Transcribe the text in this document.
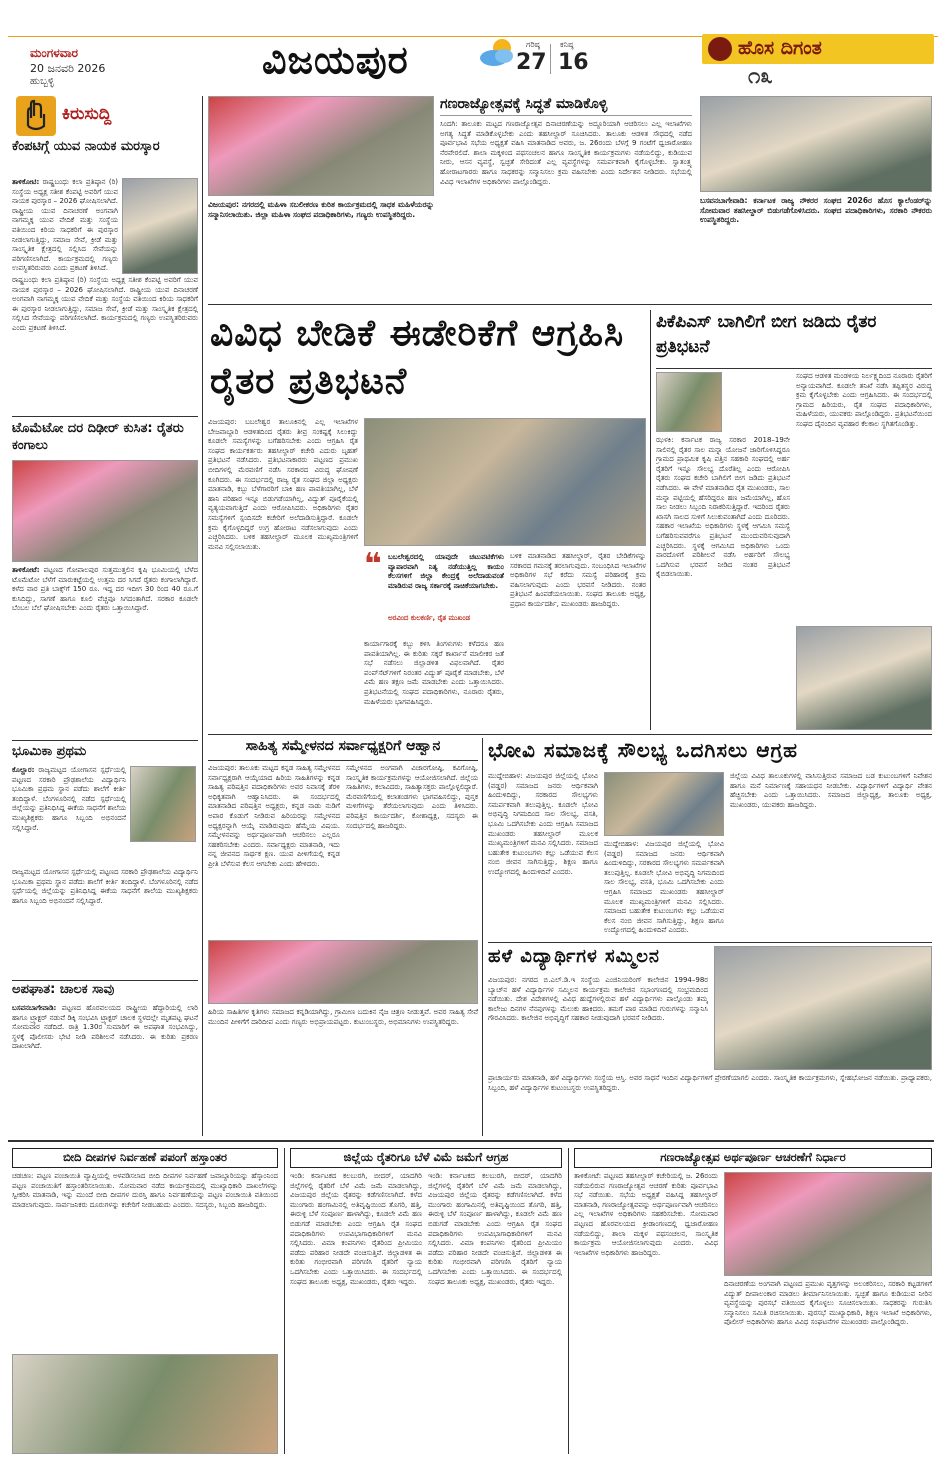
ಮಂಗಳವಾರ
20 ಜನವರಿ 2026
ಹುಬ್ಬಳ್ಳಿ	ವಿಜಯಪುರ	ಗರಿಷ್ಠ
27
ಕನಿಷ್ಠ
16
ಹೊಸ ದಿಗಂತ
೧೩
ಕಿರುಸುದ್ದಿ
ಕೆಂಪಟಿಗ್ಗೆ ಯುವ ನಾಯಕ ಮರಸ್ಕಾರ
ತಾಳಿಕೋಟಿ: ರಾಷ್ಟ್ರಬಂಧು ಕಲಾ ಪ್ರತಿಷ್ಠಾನ (ರಿ) ಸಂಸ್ಥೆಯ ಅಧ್ಯಕ್ಷ ಸತೀಶ ಕೆಂಪಟ್ಟಿ ಅವರಿಗೆ ಯುವ ನಾಯಕ ಪುರಸ್ಕಾರ – 2026 ಘೋಷಿಸಲಾಗಿದೆ. ರಾಷ್ಟ್ರೀಯ ಯುವ ದಿನಾಚರಣೆ ಅಂಗವಾಗಿ ನಾಗಮ್ಮಕ್ಕ ಯುವ ವೇದಿಕೆ ಮತ್ತು ಸಂಸ್ಥೆಯ ವತಿಯಿಂದ ಕಿರಿಯ ಸಾಧಕರಿಗೆ ಈ ಪುರಸ್ಕಾರ ನೀಡಲಾಗುತ್ತಿದ್ದು, ಸಮಾಜ ಸೇವೆ, ಕ್ರೀಡೆ ಮತ್ತು ಸಾಂಸ್ಕೃತಿಕ ಕ್ಷೇತ್ರದಲ್ಲಿ ಸಲ್ಲಿಸಿದ ಸೇವೆಯನ್ನು ಪರಿಗಣಿಸಲಾಗಿದೆ. ಕಾರ್ಯಕ್ರಮದಲ್ಲಿ ಗಣ್ಯರು ಉಪಸ್ಥಿತರಿರುವರು ಎಂದು ಪ್ರಕಟಣೆ ತಿಳಿಸಿದೆ.
ರಾಷ್ಟ್ರಬಂಧು ಕಲಾ ಪ್ರತಿಷ್ಠಾನ (ರಿ) ಸಂಸ್ಥೆಯ ಅಧ್ಯಕ್ಷ ಸತೀಶ ಕೆಂಪಟ್ಟಿ ಅವರಿಗೆ ಯುವ ನಾಯಕ ಪುರಸ್ಕಾರ – 2026 ಘೋಷಿಸಲಾಗಿದೆ. ರಾಷ್ಟ್ರೀಯ ಯುವ ದಿನಾಚರಣೆ ಅಂಗವಾಗಿ ನಾಗಮ್ಮಕ್ಕ ಯುವ ವೇದಿಕೆ ಮತ್ತು ಸಂಸ್ಥೆಯ ವತಿಯಿಂದ ಕಿರಿಯ ಸಾಧಕರಿಗೆ ಈ ಪುರಸ್ಕಾರ ನೀಡಲಾಗುತ್ತಿದ್ದು, ಸಮಾಜ ಸೇವೆ, ಕ್ರೀಡೆ ಮತ್ತು ಸಾಂಸ್ಕೃತಿಕ ಕ್ಷೇತ್ರದಲ್ಲಿ ಸಲ್ಲಿಸಿದ ಸೇವೆಯನ್ನು ಪರಿಗಣಿಸಲಾಗಿದೆ. ಕಾರ್ಯಕ್ರಮದಲ್ಲಿ ಗಣ್ಯರು ಉಪಸ್ಥಿತರಿರುವರು ಎಂದು ಪ್ರಕಟಣೆ ತಿಳಿಸಿದೆ.
ಟೊಮೆಟೋ ದರ ದಿಢೀರ್ ಕುಸಿತ: ರೈತರು ಕಂಗಾಲು
ತಾಳಿಕೋಟೆ: ಪಟ್ಟಣದ ಗೋಪಾಲಪುರ ಸುತ್ತಮುತ್ತಲಿನ ಕೃಷಿ ಭೂಮಿಯಲ್ಲಿ ಬೆಳೆದ ಟೊಮೆಟೋ ಬೆಳೆಗೆ ಮಾರುಕಟ್ಟೆಯಲ್ಲಿ ಉತ್ತಮ ದರ ಸಿಗದೆ ರೈತರು ಕಂಗಾಲಾಗಿದ್ದಾರೆ. ಕಳೆದ ವಾರ ಪ್ರತಿ ಬಾಕ್ಸ್‌ಗೆ 150 ರೂ. ಇದ್ದ ದರ ಇದೀಗ 30 ರಿಂದ 40 ರೂ.ಗೆ ಕುಸಿದಿದ್ದು, ಸಾಗಣೆ ಹಾಗೂ ಕೂಲಿ ವೆಚ್ಚವೂ ಸಿಗದಂತಾಗಿದೆ. ಸರಕಾರ ಕೂಡಲೇ ಬೆಂಬಲ ಬೆಲೆ ಘೋಷಿಸಬೇಕು ಎಂದು ರೈತರು ಒತ್ತಾಯಿಸಿದ್ದಾರೆ.
ಭೂಮಿಕಾ ಪ್ರಥಮ
ಕೊಲ್ಹಾರ: ರಾಜ್ಯಮಟ್ಟದ ಯೋಗಾಸನ ಸ್ಪರ್ಧೆಯಲ್ಲಿ ಪಟ್ಟಣದ ಸರಕಾರಿ ಪ್ರೌಢಶಾಲೆಯ ವಿದ್ಯಾರ್ಥಿನಿ ಭೂಮಿಕಾ ಪ್ರಥಮ ಸ್ಥಾನ ಪಡೆದು ಶಾಲೆಗೆ ಕೀರ್ತಿ ತಂದಿದ್ದಾಳೆ. ಬೆಂಗಳೂರಿನಲ್ಲಿ ನಡೆದ ಸ್ಪರ್ಧೆಯಲ್ಲಿ ಜಿಲ್ಲೆಯನ್ನು ಪ್ರತಿನಿಧಿಸಿದ್ದ ಈಕೆಯ ಸಾಧನೆಗೆ ಶಾಲೆಯ ಮುಖ್ಯಶಿಕ್ಷಕರು ಹಾಗೂ ಸಿಬ್ಬಂದಿ ಅಭಿನಂದನೆ ಸಲ್ಲಿಸಿದ್ದಾರೆ.
ರಾಜ್ಯಮಟ್ಟದ ಯೋಗಾಸನ ಸ್ಪರ್ಧೆಯಲ್ಲಿ ಪಟ್ಟಣದ ಸರಕಾರಿ ಪ್ರೌಢಶಾಲೆಯ ವಿದ್ಯಾರ್ಥಿನಿ ಭೂಮಿಕಾ ಪ್ರಥಮ ಸ್ಥಾನ ಪಡೆದು ಶಾಲೆಗೆ ಕೀರ್ತಿ ತಂದಿದ್ದಾಳೆ. ಬೆಂಗಳೂರಿನಲ್ಲಿ ನಡೆದ ಸ್ಪರ್ಧೆಯಲ್ಲಿ ಜಿಲ್ಲೆಯನ್ನು ಪ್ರತಿನಿಧಿಸಿದ್ದ ಈಕೆಯ ಸಾಧನೆಗೆ ಶಾಲೆಯ ಮುಖ್ಯಶಿಕ್ಷಕರು ಹಾಗೂ ಸಿಬ್ಬಂದಿ ಅಭಿನಂದನೆ ಸಲ್ಲಿಸಿದ್ದಾರೆ.
ಅಪಘಾತ: ಚಾಲಕ ಸಾವು
ಬಸವನಬಾಗೇವಾಡಿ: ಪಟ್ಟಣದ ಹೊರವಲಯದ ರಾಷ್ಟ್ರೀಯ ಹೆದ್ದಾರಿಯಲ್ಲಿ ಲಾರಿ ಹಾಗೂ ಟ್ರ್ಯಾಕ್ಟರ್ ನಡುವೆ ಡಿಕ್ಕಿ ಸಂಭವಿಸಿ ಟ್ರ್ಯಾಕ್ಟರ್ ಚಾಲಕ ಸ್ಥಳದಲ್ಲೇ ಮೃತಪಟ್ಟ ಘಟನೆ ಸೋಮವಾರ ನಡೆದಿದೆ. ರಾತ್ರಿ 1.30ರ ಸುಮಾರಿಗೆ ಈ ಅಪಘಾತ ಸಂಭವಿಸಿದ್ದು, ಸ್ಥಳಕ್ಕೆ ಪೊಲೀಸರು ಭೇಟಿ ನೀಡಿ ಪರಿಶೀಲನೆ ನಡೆಸಿದರು. ಈ ಕುರಿತು ಪ್ರಕರಣ ದಾಖಲಾಗಿದೆ.
ವಿಜಯಪುರ: ನಗರದಲ್ಲಿ ಮಹಿಳಾ ಸಬಲೀಕರಣ ಕುರಿತ ಕಾರ್ಯಕ್ರಮದಲ್ಲಿ ಸಾಧಕ ಮಹಿಳೆಯರನ್ನು ಸನ್ಮಾನಿಸಲಾಯಿತು. ಜಿಲ್ಲಾ ಮಹಿಳಾ ಸಂಘದ ಪದಾಧಿಕಾರಿಗಳು, ಗಣ್ಯರು ಉಪಸ್ಥಿತರಿದ್ದರು.
ಗಣರಾಜ್ಯೋತ್ಸವಕ್ಕೆ ಸಿದ್ಧತೆ ಮಾಡಿಕೊಳ್ಳಿ
ಸಿಂದಗಿ: ತಾಲೂಕು ಮಟ್ಟದ ಗಣರಾಜ್ಯೋತ್ಸವ ದಿನಾಚರಣೆಯನ್ನು ಅದ್ದೂರಿಯಾಗಿ ಆಚರಿಸಲು ಎಲ್ಲ ಇಲಾಖೆಗಳು ಅಗತ್ಯ ಸಿದ್ಧತೆ ಮಾಡಿಕೊಳ್ಳಬೇಕು ಎಂದು ತಹಸೀಲ್ದಾರ್ ಸೂಚಿಸಿದರು. ತಾಲೂಕು ಆಡಳಿತ ಸೌಧದಲ್ಲಿ ನಡೆದ ಪೂರ್ವಭಾವಿ ಸಭೆಯ ಅಧ್ಯಕ್ಷತೆ ವಹಿಸಿ ಮಾತನಾಡಿದ ಅವರು, ಜ. 26ರಂದು ಬೆಳಗ್ಗೆ 9 ಗಂಟೆಗೆ ಧ್ವಜಾರೋಹಣ ನೆರವೇರಲಿದೆ. ಶಾಲಾ ಮಕ್ಕಳಿಂದ ಪಥಸಂಚಲನ ಹಾಗೂ ಸಾಂಸ್ಕೃತಿಕ ಕಾರ್ಯಕ್ರಮಗಳು ನಡೆಯಲಿದ್ದು, ಕುಡಿಯುವ ನೀರು, ಆಸನ ವ್ಯವಸ್ಥೆ, ಸ್ವಚ್ಛತೆ ಸೇರಿದಂತೆ ಎಲ್ಲ ವ್ಯವಸ್ಥೆಗಳನ್ನು ಸಮರ್ಪಕವಾಗಿ ಕೈಗೊಳ್ಳಬೇಕು. ಸ್ವಾತಂತ್ರ್ಯ ಹೋರಾಟಗಾರರು ಹಾಗೂ ಸಾಧಕರನ್ನು ಸನ್ಮಾನಿಸಲು ಕ್ರಮ ವಹಿಸಬೇಕು ಎಂದು ನಿರ್ದೇಶನ ನೀಡಿದರು. ಸಭೆಯಲ್ಲಿ ವಿವಿಧ ಇಲಾಖೆಗಳ ಅಧಿಕಾರಿಗಳು ಪಾಲ್ಗೊಂಡಿದ್ದರು.
ಬಸವನಬಾಗೇವಾಡಿ: ಕರ್ನಾಟಕ ರಾಜ್ಯ ನೌಕರರ ಸಂಘದ 2026ರ ಹೊಸ ಕ್ಯಾಲೆಂಡರ್‌ನ್ನು ಸೋಮವಾರ ತಹಸೀಲ್ದಾರ್ ಬಿಡುಗಡೆಗೊಳಿಸಿದರು. ಸಂಘದ ಪದಾಧಿಕಾರಿಗಳು, ಸರಕಾರಿ ನೌಕರರು ಉಪಸ್ಥಿತರಿದ್ದರು.
ವಿವಿಧ ಬೇಡಿಕೆ ಈಡೇರಿಕೆಗೆ ಆಗ್ರಹಿಸಿ ರೈತರ ಪ್ರತಿಭಟನೆ
ವಿಜಯಪುರ: ಬಬಲೇಶ್ವರ ತಾಲೂಕಿನಲ್ಲಿ ಎಲ್ಲ ಇಲಾಖೆಗಳ ಬೇಜವಾಬ್ದಾರಿ ಆಡಳಿತದಿಂದ ರೈತರು ತೀವ್ರ ಸಂಕಷ್ಟಕ್ಕೆ ಸಿಲುಕಿದ್ದು ಕೂಡಲೇ ಸಮಸ್ಯೆಗಳನ್ನು ಬಗೆಹರಿಸಬೇಕು ಎಂದು ಆಗ್ರಹಿಸಿ ರೈತ ಸಂಘದ ಕಾರ್ಯಕರ್ತರು ತಹಸೀಲ್ದಾರ್ ಕಚೇರಿ ಎದುರು ಬೃಹತ್ ಪ್ರತಿಭಟನೆ ನಡೆಸಿದರು. ಪ್ರತಿಭಟನಾಕಾರರು ಪಟ್ಟಣದ ಪ್ರಮುಖ ಬೀದಿಗಳಲ್ಲಿ ಮೆರವಣಿಗೆ ನಡೆಸಿ ಸರಕಾರದ ವಿರುದ್ಧ ಘೋಷಣೆ ಕೂಗಿದರು. ಈ ಸಂದರ್ಭದಲ್ಲಿ ರಾಜ್ಯ ರೈತ ಸಂಘದ ಜಿಲ್ಲಾ ಅಧ್ಯಕ್ಷರು ಮಾತನಾಡಿ, ಕಬ್ಬು ಬೆಳೆಗಾರರಿಗೆ ಬಾಕಿ ಹಣ ಪಾವತಿಯಾಗಿಲ್ಲ, ಬೆಳೆ ಹಾನಿ ಪರಿಹಾರ ಇನ್ನೂ ಬಿಡುಗಡೆಯಾಗಿಲ್ಲ, ವಿದ್ಯುತ್ ಪೂರೈಕೆಯಲ್ಲಿ ವ್ಯತ್ಯಯವಾಗುತ್ತಿದೆ ಎಂದು ಆರೋಪಿಸಿದರು. ಅಧಿಕಾರಿಗಳು ರೈತರ ಸಮಸ್ಯೆಗಳಿಗೆ ಸ್ಪಂದಿಸದೇ ಕಚೇರಿಗೆ ಅಲೆದಾಡಿಸುತ್ತಿದ್ದಾರೆ. ಕೂಡಲೇ ಕ್ರಮ ಕೈಗೊಳ್ಳದಿದ್ದರೆ ಉಗ್ರ ಹೋರಾಟ ನಡೆಸಲಾಗುವುದು ಎಂದು ಎಚ್ಚರಿಸಿದರು. ಬಳಿಕ ತಹಸೀಲ್ದಾರ್ ಮೂಲಕ ಮುಖ್ಯಮಂತ್ರಿಗಳಿಗೆ ಮನವಿ ಸಲ್ಲಿಸಲಾಯಿತು.
❝ ಬಬಲೇಶ್ವರದಲ್ಲಿ ಯಾವುದೇ ಚಟುವಟಿಕೆಗಳು ವ್ಯಾಪಾರವಾಗಿ ನಿತ್ಯ ನಡೆಯುತ್ತಿಲ್ಲ ಕಾಯಂ ಕೆಲಸಗಳಿಗೆ ಜಿಲ್ಲಾ ಕೇಂದ್ರಕ್ಕೆ ಅಲೆದಾಡುವಂತೆ ಮಾಡಿರುವ ರಾಜ್ಯ ಸರ್ಕಾರಕ್ಕೆ ನಾಚಿಕೆಯಾಗಬೇಕು.
ಅರವಿಂದ ಕುಲಕರ್ಣಿ, ರೈತ ಮುಖಂಡ
ಕಾರ್ಯಾಗಾರಕ್ಕೆ ಕಬ್ಬು ಕಳಿಸಿ ತಿಂಗಳುಗಳು ಕಳೆದರೂ ಹಣ ಪಾವತಿಯಾಗಿಲ್ಲ. ಈ ಕುರಿತು ಸಕ್ಕರೆ ಕಾರ್ಖಾನೆ ಮಾಲೀಕರ ಜತೆ ಸಭೆ ನಡೆಸಲು ಜಿಲ್ಲಾಡಳಿತ ವಿಫಲವಾಗಿದೆ. ರೈತರ ಪಂಪ್‌ಸೆಟ್‌ಗಳಿಗೆ ನಿರಂತರ ವಿದ್ಯುತ್ ಪೂರೈಕೆ ಮಾಡಬೇಕು, ಬೆಳೆ ವಿಮೆ ಹಣ ತಕ್ಷಣ ಜಮೆ ಮಾಡಬೇಕು ಎಂದು ಒತ್ತಾಯಿಸಿದರು. ಪ್ರತಿಭಟನೆಯಲ್ಲಿ ಸಂಘದ ಪದಾಧಿಕಾರಿಗಳು, ನೂರಾರು ರೈತರು, ಮಹಿಳೆಯರು ಭಾಗವಹಿಸಿದ್ದರು.
ಬಳಿಕ ಮಾತನಾಡಿದ ತಹಸೀಲ್ದಾರ್, ರೈತರ ಬೇಡಿಕೆಗಳನ್ನು ಸರಕಾರದ ಗಮನಕ್ಕೆ ತರಲಾಗುವುದು. ಸಂಬಂಧಿಸಿದ ಇಲಾಖೆಗಳ ಅಧಿಕಾರಿಗಳ ಸಭೆ ಕರೆದು ಸಮಸ್ಯೆ ಪರಿಹಾರಕ್ಕೆ ಕ್ರಮ ವಹಿಸಲಾಗುವುದು ಎಂದು ಭರವಸೆ ನೀಡಿದರು. ನಂತರ ಪ್ರತಿಭಟನೆ ಹಿಂಪಡೆಯಲಾಯಿತು. ಸಂಘದ ತಾಲೂಕು ಅಧ್ಯಕ್ಷ, ಪ್ರಧಾನ ಕಾರ್ಯದರ್ಶಿ, ಮುಖಂಡರು ಹಾಜರಿದ್ದರು.
ಪಿಕೆಪಿಎಸ್ ಬಾಗಿಲಿಗೆ ಬೀಗ ಜಡಿದು ರೈತರ ಪ್ರತಿಭಟನೆ
ಝಳಕಿ: ಕರ್ನಾಟಕ ರಾಜ್ಯ ಸರಕಾರ 2018–19ನೇ ಸಾಲಿನಲ್ಲಿ ರೈತರ ಸಾಲ ಮನ್ನಾ ಯೋಜನೆ ಜಾರಿಗೊಳಿಸಿದ್ದರೂ ಗ್ರಾಮದ ಪ್ರಾಥಮಿಕ ಕೃಷಿ ಪತ್ತಿನ ಸಹಕಾರಿ ಸಂಘದಲ್ಲಿ ಅರ್ಹ ರೈತರಿಗೆ ಇನ್ನೂ ಸೌಲಭ್ಯ ದೊರೆತಿಲ್ಲ ಎಂದು ಆರೋಪಿಸಿ ರೈತರು ಸಂಘದ ಕಚೇರಿ ಬಾಗಿಲಿಗೆ ಬೀಗ ಜಡಿದು ಪ್ರತಿಭಟನೆ ನಡೆಸಿದರು. ಈ ವೇಳೆ ಮಾತನಾಡಿದ ರೈತ ಮುಖಂಡರು, ಸಾಲ ಮನ್ನಾ ಪಟ್ಟಿಯಲ್ಲಿ ಹೆಸರಿದ್ದರೂ ಹಣ ಜಮೆಯಾಗಿಲ್ಲ, ಹೊಸ ಸಾಲ ನೀಡಲು ಸಿಬ್ಬಂದಿ ನಿರಾಕರಿಸುತ್ತಿದ್ದಾರೆ. ಇದರಿಂದ ರೈತರು ಖಾಸಗಿ ಸಾಲದ ಸುಳಿಗೆ ಸಿಲುಕುವಂತಾಗಿದೆ ಎಂದು ದೂರಿದರು. ಸಹಕಾರ ಇಲಾಖೆಯ ಅಧಿಕಾರಿಗಳು ಸ್ಥಳಕ್ಕೆ ಆಗಮಿಸಿ ಸಮಸ್ಯೆ ಬಗೆಹರಿಸುವವರೆಗೂ ಪ್ರತಿಭಟನೆ ಮುಂದುವರಿಸುವುದಾಗಿ ಎಚ್ಚರಿಸಿದರು. ಸ್ಥಳಕ್ಕೆ ಆಗಮಿಸಿದ ಅಧಿಕಾರಿಗಳು ಒಂದು ವಾರದೊಳಗೆ ಪರಿಶೀಲನೆ ನಡೆಸಿ ಅರ್ಹರಿಗೆ ಸೌಲಭ್ಯ ಒದಗಿಸುವ ಭರವಸೆ ನೀಡಿದ ನಂತರ ಪ್ರತಿಭಟನೆ ಕೈಬಿಡಲಾಯಿತು.
ಸಂಘದ ಆಡಳಿತ ಮಂಡಳಿಯ ನಿರ್ಲಕ್ಷ್ಯದಿಂದ ನೂರಾರು ರೈತರಿಗೆ ಅನ್ಯಾಯವಾಗಿದೆ. ಕೂಡಲೇ ತನಿಖೆ ನಡೆಸಿ ತಪ್ಪಿತಸ್ಥರ ವಿರುದ್ಧ ಕ್ರಮ ಕೈಗೊಳ್ಳಬೇಕು ಎಂದು ಆಗ್ರಹಿಸಿದರು. ಈ ಸಂದರ್ಭದಲ್ಲಿ ಗ್ರಾಮದ ಹಿರಿಯರು, ರೈತ ಸಂಘದ ಪದಾಧಿಕಾರಿಗಳು, ಮಹಿಳೆಯರು, ಯುವಕರು ಪಾಲ್ಗೊಂಡಿದ್ದರು. ಪ್ರತಿಭಟನೆಯಿಂದ ಸಂಘದ ದೈನಂದಿನ ವ್ಯವಹಾರ ಕೆಲಕಾಲ ಸ್ಥಗಿತಗೊಂಡಿತ್ತು.
ಸಾಹಿತ್ಯ ಸಮ್ಮೇಳನದ ಸರ್ವಾಧ್ಯಕ್ಷರಿಗೆ ಆಹ್ವಾನ
ವಿಜಯಪುರ: ತಾಲೂಕು ಮಟ್ಟದ ಕನ್ನಡ ಸಾಹಿತ್ಯ ಸಮ್ಮೇಳನದ ಸರ್ವಾಧ್ಯಕ್ಷರಾಗಿ ಆಯ್ಕೆಯಾದ ಹಿರಿಯ ಸಾಹಿತಿಗಳನ್ನು ಕನ್ನಡ ಸಾಹಿತ್ಯ ಪರಿಷತ್ತಿನ ಪದಾಧಿಕಾರಿಗಳು ಅವರ ನಿವಾಸಕ್ಕೆ ತೆರಳಿ ಅಧಿಕೃತವಾಗಿ ಆಹ್ವಾನಿಸಿದರು. ಈ ಸಂದರ್ಭದಲ್ಲಿ ಮಾತನಾಡಿದ ಪರಿಷತ್ತಿನ ಅಧ್ಯಕ್ಷರು, ಕನ್ನಡ ನಾಡು ನುಡಿಗೆ ಅಪಾರ ಕೊಡುಗೆ ನೀಡಿರುವ ಹಿರಿಯರನ್ನು ಸಮ್ಮೇಳನದ ಅಧ್ಯಕ್ಷರನ್ನಾಗಿ ಆಯ್ಕೆ ಮಾಡಿರುವುದು ಹೆಮ್ಮೆಯ ವಿಷಯ. ಸಮ್ಮೇಳನವನ್ನು ಅರ್ಥಪೂರ್ಣವಾಗಿ ಆಚರಿಸಲು ಎಲ್ಲರೂ ಸಹಕರಿಸಬೇಕು ಎಂದರು. ಸರ್ವಾಧ್ಯಕ್ಷರು ಮಾತನಾಡಿ, ಇದು ನನ್ನ ಜೀವನದ ಸಾರ್ಥಕ ಕ್ಷಣ. ಯುವ ಪೀಳಿಗೆಯಲ್ಲಿ ಕನ್ನಡ ಪ್ರೀತಿ ಬೆಳೆಸುವ ಕೆಲಸ ಆಗಬೇಕು ಎಂದು ಹೇಳಿದರು.
ಸಮ್ಮೇಳನದ ಅಂಗವಾಗಿ ವಿಚಾರಗೋಷ್ಠಿ, ಕವಿಗೋಷ್ಠಿ, ಸಾಂಸ್ಕೃತಿಕ ಕಾರ್ಯಕ್ರಮಗಳನ್ನು ಆಯೋಜಿಸಲಾಗಿದೆ. ಜಿಲ್ಲೆಯ ಸಾಹಿತಿಗಳು, ಕಲಾವಿದರು, ಸಾಹಿತ್ಯಾಸಕ್ತರು ಪಾಲ್ಗೊಳ್ಳಲಿದ್ದಾರೆ. ಮೆರವಣಿಗೆಯಲ್ಲಿ ಕಲಾತಂಡಗಳು ಭಾಗವಹಿಸಲಿದ್ದು, ಪುಸ್ತಕ ಮಳಿಗೆಗಳನ್ನು ತೆರೆಯಲಾಗುವುದು ಎಂದು ತಿಳಿಸಿದರು. ಪರಿಷತ್ತಿನ ಕಾರ್ಯದರ್ಶಿ, ಕೋಶಾಧ್ಯಕ್ಷ, ಸದಸ್ಯರು ಈ ಸಂದರ್ಭದಲ್ಲಿ ಹಾಜರಿದ್ದರು.
ಹಿರಿಯ ಸಾಹಿತಿಗಳ ಕೃತಿಗಳು ಸಮಾಜದ ಕನ್ನಡಿಯಾಗಿದ್ದು, ಗ್ರಾಮೀಣ ಬದುಕಿನ ನೈಜ ಚಿತ್ರಣ ನೀಡುತ್ತವೆ. ಅವರ ಸಾಹಿತ್ಯ ಸೇವೆ ಮುಂದಿನ ಪೀಳಿಗೆಗೆ ದಾರಿದೀಪ ಎಂದು ಗಣ್ಯರು ಅಭಿಪ್ರಾಯಪಟ್ಟರು. ಕುಟುಂಬಸ್ಥರು, ಅಭಿಮಾನಿಗಳು ಉಪಸ್ಥಿತರಿದ್ದರು.
ಭೋವಿ ಸಮಾಜಕ್ಕೆ ಸೌಲಭ್ಯ ಒದಗಿಸಲು ಆಗ್ರಹ
ಮುದ್ದೇಬಿಹಾಳ: ವಿಜಯಪುರ ಜಿಲ್ಲೆಯಲ್ಲಿ ಭೋವಿ (ವಡ್ಡರ) ಸಮಾಜದ ಜನರು ಆರ್ಥಿಕವಾಗಿ ಹಿಂದುಳಿದಿದ್ದು, ಸರಕಾರದ ಸೌಲಭ್ಯಗಳು ಸಮರ್ಪಕವಾಗಿ ತಲುಪುತ್ತಿಲ್ಲ. ಕೂಡಲೇ ಭೋವಿ ಅಭಿವೃದ್ಧಿ ನಿಗಮದಿಂದ ಸಾಲ ಸೌಲಭ್ಯ, ವಸತಿ, ಭೂಮಿ ಒದಗಿಸಬೇಕು ಎಂದು ಆಗ್ರಹಿಸಿ ಸಮಾಜದ ಮುಖಂಡರು ತಹಸೀಲ್ದಾರ್ ಮೂಲಕ ಮುಖ್ಯಮಂತ್ರಿಗಳಿಗೆ ಮನವಿ ಸಲ್ಲಿಸಿದರು. ಸಮಾಜದ ಬಹುತೇಕ ಕುಟುಂಬಗಳು ಕಲ್ಲು ಒಡೆಯುವ ಕೆಲಸ ನಂಬಿ ಜೀವನ ಸಾಗಿಸುತ್ತಿದ್ದು, ಶಿಕ್ಷಣ ಹಾಗೂ ಉದ್ಯೋಗದಲ್ಲಿ ಹಿಂದುಳಿದಿವೆ ಎಂದರು.
ಮುದ್ದೇಬಿಹಾಳ: ವಿಜಯಪುರ ಜಿಲ್ಲೆಯಲ್ಲಿ ಭೋವಿ (ವಡ್ಡರ) ಸಮಾಜದ ಜನರು ಆರ್ಥಿಕವಾಗಿ ಹಿಂದುಳಿದಿದ್ದು, ಸರಕಾರದ ಸೌಲಭ್ಯಗಳು ಸಮರ್ಪಕವಾಗಿ ತಲುಪುತ್ತಿಲ್ಲ. ಕೂಡಲೇ ಭೋವಿ ಅಭಿವೃದ್ಧಿ ನಿಗಮದಿಂದ ಸಾಲ ಸೌಲಭ್ಯ, ವಸತಿ, ಭೂಮಿ ಒದಗಿಸಬೇಕು ಎಂದು ಆಗ್ರಹಿಸಿ ಸಮಾಜದ ಮುಖಂಡರು ತಹಸೀಲ್ದಾರ್ ಮೂಲಕ ಮುಖ್ಯಮಂತ್ರಿಗಳಿಗೆ ಮನವಿ ಸಲ್ಲಿಸಿದರು. ಸಮಾಜದ ಬಹುತೇಕ ಕುಟುಂಬಗಳು ಕಲ್ಲು ಒಡೆಯುವ ಕೆಲಸ ನಂಬಿ ಜೀವನ ಸಾಗಿಸುತ್ತಿದ್ದು, ಶಿಕ್ಷಣ ಹಾಗೂ ಉದ್ಯೋಗದಲ್ಲಿ ಹಿಂದುಳಿದಿವೆ ಎಂದರು.
ಜಿಲ್ಲೆಯ ವಿವಿಧ ತಾಲೂಕುಗಳಲ್ಲಿ ವಾಸಿಸುತ್ತಿರುವ ಸಮಾಜದ ಬಡ ಕುಟುಂಬಗಳಿಗೆ ನಿವೇಶನ ಹಾಗೂ ಮನೆ ನಿರ್ಮಾಣಕ್ಕೆ ಸಹಾಯಧನ ನೀಡಬೇಕು. ವಿದ್ಯಾರ್ಥಿಗಳಿಗೆ ವಿದ್ಯಾರ್ಥಿ ವೇತನ ಹೆಚ್ಚಿಸಬೇಕು ಎಂದು ಒತ್ತಾಯಿಸಿದರು. ಸಮಾಜದ ಜಿಲ್ಲಾಧ್ಯಕ್ಷ, ತಾಲೂಕು ಅಧ್ಯಕ್ಷ, ಮುಖಂಡರು, ಯುವಕರು ಹಾಜರಿದ್ದರು.
ಹಳೆ ವಿದ್ಯಾರ್ಥಿಗಳ ಸಮ್ಮಿಲನ
ವಿಜಯಪುರ: ನಗರದ ಬಿ.ಎಲ್.ಡಿ.ಇ ಸಂಸ್ಥೆಯ ಎಂಜಿನಿಯರಿಂಗ್ ಕಾಲೇಜಿನ 1994–98ರ ಬ್ಯಾಚ್‌ನ ಹಳೆ ವಿದ್ಯಾರ್ಥಿಗಳ ಸಮ್ಮಿಲನ ಕಾರ್ಯಕ್ರಮ ಕಾಲೇಜಿನ ಸಭಾಂಗಣದಲ್ಲಿ ಸಂಭ್ರಮದಿಂದ ನಡೆಯಿತು. ದೇಶ ವಿದೇಶಗಳಲ್ಲಿ ವಿವಿಧ ಹುದ್ದೆಗಳಲ್ಲಿರುವ ಹಳೆ ವಿದ್ಯಾರ್ಥಿಗಳು ಪಾಲ್ಗೊಂಡು ತಮ್ಮ ಕಾಲೇಜು ದಿನಗಳ ನೆನಪುಗಳನ್ನು ಮೆಲುಕು ಹಾಕಿದರು. ತಮಗೆ ಪಾಠ ಮಾಡಿದ ಗುರುಗಳನ್ನು ಸನ್ಮಾನಿಸಿ ಗೌರವಿಸಿದರು. ಕಾಲೇಜಿನ ಅಭಿವೃದ್ಧಿಗೆ ಸಹಕಾರ ನೀಡುವುದಾಗಿ ಭರವಸೆ ನೀಡಿದರು.
ಪ್ರಾಚಾರ್ಯರು ಮಾತನಾಡಿ, ಹಳೆ ವಿದ್ಯಾರ್ಥಿಗಳು ಸಂಸ್ಥೆಯ ಆಸ್ತಿ. ಅವರ ಸಾಧನೆ ಇಂದಿನ ವಿದ್ಯಾರ್ಥಿಗಳಿಗೆ ಪ್ರೇರಣೆಯಾಗಲಿ ಎಂದರು. ಸಾಂಸ್ಕೃತಿಕ ಕಾರ್ಯಕ್ರಮಗಳು, ಸ್ನೇಹಭೋಜನ ನಡೆಯಿತು. ಪ್ರಾಧ್ಯಾಪಕರು, ಸಿಬ್ಬಂದಿ, ಹಳೆ ವಿದ್ಯಾರ್ಥಿಗಳ ಕುಟುಂಬಸ್ಥರು ಉಪಸ್ಥಿತರಿದ್ದರು.
ಬೀದಿ ದೀಪಗಳ ನಿರ್ವಹಣೆ ಪಪಂಗೆ ಹಸ್ತಾಂತರ
ಚಡಚಣ: ಪಟ್ಟಣ ಪಂಚಾಯಿತಿ ವ್ಯಾಪ್ತಿಯಲ್ಲಿ ಅಳವಡಿಸಲಾದ ಬೀದಿ ದೀಪಗಳ ನಿರ್ವಹಣೆ ಜವಾಬ್ದಾರಿಯನ್ನು ಹೆಸ್ಕಾಂನಿಂದ ಪಟ್ಟಣ ಪಂಚಾಯಿತಿಗೆ ಹಸ್ತಾಂತರಿಸಲಾಯಿತು. ಸೋಮವಾರ ನಡೆದ ಕಾರ್ಯಕ್ರಮದಲ್ಲಿ ಮುಖ್ಯಾಧಿಕಾರಿ ದಾಖಲೆಗಳನ್ನು ಸ್ವೀಕರಿಸಿ ಮಾತನಾಡಿ, ಇನ್ನು ಮುಂದೆ ಬೀದಿ ದೀಪಗಳ ದುರಸ್ತಿ ಹಾಗೂ ನಿರ್ವಹಣೆಯನ್ನು ಪಟ್ಟಣ ಪಂಚಾಯಿತಿ ವತಿಯಿಂದ ಮಾಡಲಾಗುವುದು. ಸಾರ್ವಜನಿಕರು ದೂರುಗಳನ್ನು ಕಚೇರಿಗೆ ನೀಡಬಹುದು ಎಂದರು. ಸದಸ್ಯರು, ಸಿಬ್ಬಂದಿ ಹಾಜರಿದ್ದರು.
ಜಿಲ್ಲೆಯ ರೈತರಿಗೂ ಬೆಳೆ ವಿಮೆ ಜಮೆಗೆ ಆಗ್ರಹ
ಇಂಡಿ: ಕರ್ನಾಟಕದ ಕಲಬುರಗಿ, ಬೀದರ್, ಯಾದಗಿರಿ ಜಿಲ್ಲೆಗಳಲ್ಲಿ ರೈತರಿಗೆ ಬೆಳೆ ವಿಮೆ ಜಮೆ ಮಾಡಲಾಗಿದ್ದು, ವಿಜಯಪುರ ಜಿಲ್ಲೆಯ ರೈತರನ್ನು ಕಡೆಗಣಿಸಲಾಗಿದೆ. ಕಳೆದ ಮುಂಗಾರು ಹಂಗಾಮಿನಲ್ಲಿ ಅತಿವೃಷ್ಟಿಯಿಂದ ತೊಗರಿ, ಹತ್ತಿ, ಈರುಳ್ಳಿ ಬೆಳೆ ಸಂಪೂರ್ಣ ಹಾಳಾಗಿದ್ದು, ಕೂಡಲೇ ವಿಮೆ ಹಣ ಬಿಡುಗಡೆ ಮಾಡಬೇಕು ಎಂದು ಆಗ್ರಹಿಸಿ ರೈತ ಸಂಘದ ಪದಾಧಿಕಾರಿಗಳು ಉಪವಿಭಾಗಾಧಿಕಾರಿಗಳಿಗೆ ಮನವಿ ಸಲ್ಲಿಸಿದರು. ವಿಮಾ ಕಂಪನಿಗಳು ರೈತರಿಂದ ಪ್ರೀಮಿಯಂ ಪಡೆದು ಪರಿಹಾರ ನೀಡದೇ ವಂಚಿಸುತ್ತಿವೆ. ಜಿಲ್ಲಾಡಳಿತ ಈ ಕುರಿತು ಗಂಭೀರವಾಗಿ ಪರಿಗಣಿಸಿ ರೈತರಿಗೆ ನ್ಯಾಯ ಒದಗಿಸಬೇಕು ಎಂದು ಒತ್ತಾಯಿಸಿದರು. ಈ ಸಂದರ್ಭದಲ್ಲಿ ಸಂಘದ ತಾಲೂಕು ಅಧ್ಯಕ್ಷ, ಮುಖಂಡರು, ರೈತರು ಇದ್ದರು.
ಇಂಡಿ: ಕರ್ನಾಟಕದ ಕಲಬುರಗಿ, ಬೀದರ್, ಯಾದಗಿರಿ ಜಿಲ್ಲೆಗಳಲ್ಲಿ ರೈತರಿಗೆ ಬೆಳೆ ವಿಮೆ ಜಮೆ ಮಾಡಲಾಗಿದ್ದು, ವಿಜಯಪುರ ಜಿಲ್ಲೆಯ ರೈತರನ್ನು ಕಡೆಗಣಿಸಲಾಗಿದೆ. ಕಳೆದ ಮುಂಗಾರು ಹಂಗಾಮಿನಲ್ಲಿ ಅತಿವೃಷ್ಟಿಯಿಂದ ತೊಗರಿ, ಹತ್ತಿ, ಈರುಳ್ಳಿ ಬೆಳೆ ಸಂಪೂರ್ಣ ಹಾಳಾಗಿದ್ದು, ಕೂಡಲೇ ವಿಮೆ ಹಣ ಬಿಡುಗಡೆ ಮಾಡಬೇಕು ಎಂದು ಆಗ್ರಹಿಸಿ ರೈತ ಸಂಘದ ಪದಾಧಿಕಾರಿಗಳು ಉಪವಿಭಾಗಾಧಿಕಾರಿಗಳಿಗೆ ಮನವಿ ಸಲ್ಲಿಸಿದರು. ವಿಮಾ ಕಂಪನಿಗಳು ರೈತರಿಂದ ಪ್ರೀಮಿಯಂ ಪಡೆದು ಪರಿಹಾರ ನೀಡದೇ ವಂಚಿಸುತ್ತಿವೆ. ಜಿಲ್ಲಾಡಳಿತ ಈ ಕುರಿತು ಗಂಭೀರವಾಗಿ ಪರಿಗಣಿಸಿ ರೈತರಿಗೆ ನ್ಯಾಯ ಒದಗಿಸಬೇಕು ಎಂದು ಒತ್ತಾಯಿಸಿದರು. ಈ ಸಂದರ್ಭದಲ್ಲಿ ಸಂಘದ ತಾಲೂಕು ಅಧ್ಯಕ್ಷ, ಮುಖಂಡರು, ರೈತರು ಇದ್ದರು.
ಗಣರಾಜ್ಯೋತ್ಸವ ಅರ್ಥಪೂರ್ಣ ಆಚರಣೆಗೆ ನಿರ್ಧಾರ
ತಾಳಿಕೋಟೆ: ಪಟ್ಟಣದ ತಹಸೀಲ್ದಾರ್ ಕಚೇರಿಯಲ್ಲಿ ಜ. 26ರಂದು ನಡೆಯಲಿರುವ ಗಣರಾಜ್ಯೋತ್ಸವ ಆಚರಣೆ ಕುರಿತು ಪೂರ್ವಭಾವಿ ಸಭೆ ನಡೆಯಿತು. ಸಭೆಯ ಅಧ್ಯಕ್ಷತೆ ವಹಿಸಿದ್ದ ತಹಸೀಲ್ದಾರ್ ಮಾತನಾಡಿ, ಗಣರಾಜ್ಯೋತ್ಸವವನ್ನು ಅರ್ಥಪೂರ್ಣವಾಗಿ ಆಚರಿಸಲು ಎಲ್ಲ ಇಲಾಖೆಗಳ ಅಧಿಕಾರಿಗಳು ಸಹಕರಿಸಬೇಕು. ಸೋಮವಾರ ಪಟ್ಟಣದ ಹೊರವಲಯದ ಕ್ರೀಡಾಂಗಣದಲ್ಲಿ ಧ್ವಜಾರೋಹಣ ನಡೆಯಲಿದ್ದು, ಶಾಲಾ ಮಕ್ಕಳ ಪಥಸಂಚಲನ, ಸಾಂಸ್ಕೃತಿಕ ಕಾರ್ಯಕ್ರಮ ಆಯೋಜಿಸಲಾಗುವುದು ಎಂದರು. ವಿವಿಧ ಇಲಾಖೆಗಳ ಅಧಿಕಾರಿಗಳು ಹಾಜರಿದ್ದರು.
ದಿನಾಚರಣೆಯ ಅಂಗವಾಗಿ ಪಟ್ಟಣದ ಪ್ರಮುಖ ವೃತ್ತಗಳನ್ನು ಅಲಂಕರಿಸಲು, ಸರಕಾರಿ ಕಟ್ಟಡಗಳಿಗೆ ವಿದ್ಯುತ್ ದೀಪಾಲಂಕಾರ ಮಾಡಲು ತೀರ್ಮಾನಿಸಲಾಯಿತು. ಸ್ವಚ್ಛತೆ ಹಾಗೂ ಕುಡಿಯುವ ನೀರಿನ ವ್ಯವಸ್ಥೆಯನ್ನು ಪುರಸಭೆ ವತಿಯಿಂದ ಕೈಗೊಳ್ಳಲು ಸೂಚಿಸಲಾಯಿತು. ಸಾಧಕರನ್ನು ಗುರುತಿಸಿ ಸನ್ಮಾನಿಸಲು ಸಮಿತಿ ರಚಿಸಲಾಯಿತು. ಪುರಸಭೆ ಮುಖ್ಯಾಧಿಕಾರಿ, ಶಿಕ್ಷಣ ಇಲಾಖೆ ಅಧಿಕಾರಿಗಳು, ಪೊಲೀಸ್ ಅಧಿಕಾರಿಗಳು ಹಾಗೂ ವಿವಿಧ ಸಂಘಟನೆಗಳ ಮುಖಂಡರು ಪಾಲ್ಗೊಂಡಿದ್ದರು.
